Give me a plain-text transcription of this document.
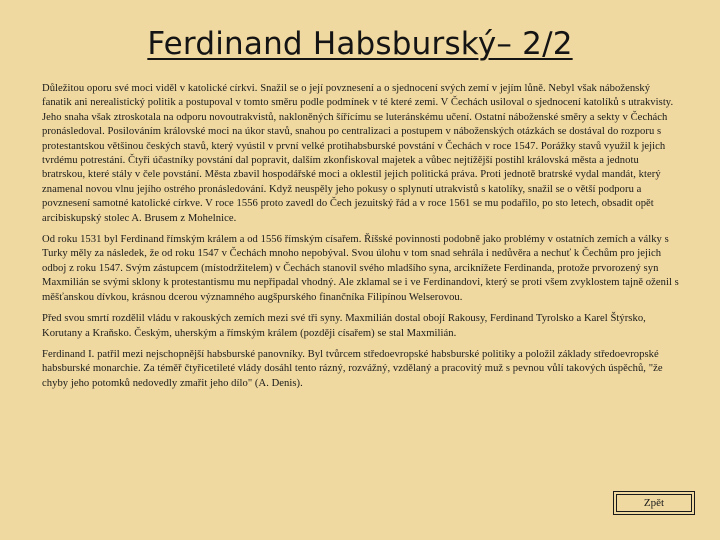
Ferdinand Habsburský– 2/2

Důležitou oporu své moci viděl v katolické církvi. Snažil se o její povznesení a o sjednocení svých zemí v jejím lůně. Nebyl však náboženský fanatik ani nerealistický politik a postupoval v tomto směru podle podmínek v té které zemi. V Čechách usiloval o sjednocení katolíků s utrakvisty. Jeho snaha však ztroskotala na odporu novoutrakvistů, nakloněných šířícímu se luteránskému učení. Ostatní náboženské směry a sekty v Čechách pronásledoval. Posilováním královské moci na úkor stavů, snahou po centralizaci a postupem v náboženských otázkách se dostával do rozporu s protestantskou většinou českých stavů, který vyústil v první velké protihabsburské povstání v Čechách v roce 1547. Porážky stavů využil k jejich tvrdému potrestání. Čtyři účastníky povstání dal popravit, dalším zkonfiskoval majetek a vůbec nejtížější postihl královská města a jednotu bratrskou, které stály v čele povstání. Města zbavil hospodářské moci a oklestil jejich politická práva. Proti jednotě bratrské vydal mandát, který znamenal novou vlnu jejího ostrého pronásledování. Když neuspěly jeho pokusy o splynutí utrakvistů s katolíky, snažil se o větší podporu a povznesení samotné katolické církve. V roce 1556 proto zavedl do Čech jezuitský řád a v roce 1561 se mu podařilo, po sto letech, obsadit opět arcibiskupský stolec A. Brusem z Mohelnice.

Od roku 1531 byl Ferdinand římským králem a od 1556 římským císařem. Říšské povinnosti podobně jako problémy v ostatních zemích a války s Turky měly za následek, že od roku 1547 v Čechách mnoho nepobýval. Svou úlohu v tom snad sehrála i nedůvěra a nechuť k Čechům pro jejich odboj z roku 1547. Svým zástupcem (místodržitelem) v Čechách stanovil svého mladšího syna, arciknížete Ferdinanda, protože prvorozený syn Maxmilián se svými sklony k protestantismu mu nepřipadal vhodný. Ale zklamal se i ve Ferdinandovi, který se proti všem zvyklostem tajně oženil s měšťanskou dívkou, krásnou dcerou významného augšpurského finančníka Filipínou Welserovou.

Před svou smrtí rozdělil vládu v rakouských zemích mezi své tři syny. Maxmilián dostal obojí Rakousy, Ferdinand Tyrolsko a Karel Štýrsko, Korutany a Kraňsko. Českým, uherským a římským králem (později císařem) se stal Maxmilián.

Ferdinand I. patřil mezi nejschopnější habsburské panovníky. Byl tvůrcem středoevropské habsburské politiky a položil základy středoevropské habsburské monarchie. Za téměř čtyřicetileté vlády dosáhl tento rázný, rozvážný, vzdělaný a pracovitý muž s pevnou vůlí takových úspěchů, "že chyby jeho potomků nedovedly zmařit jeho dílo" (A. Denis).

Zpět
